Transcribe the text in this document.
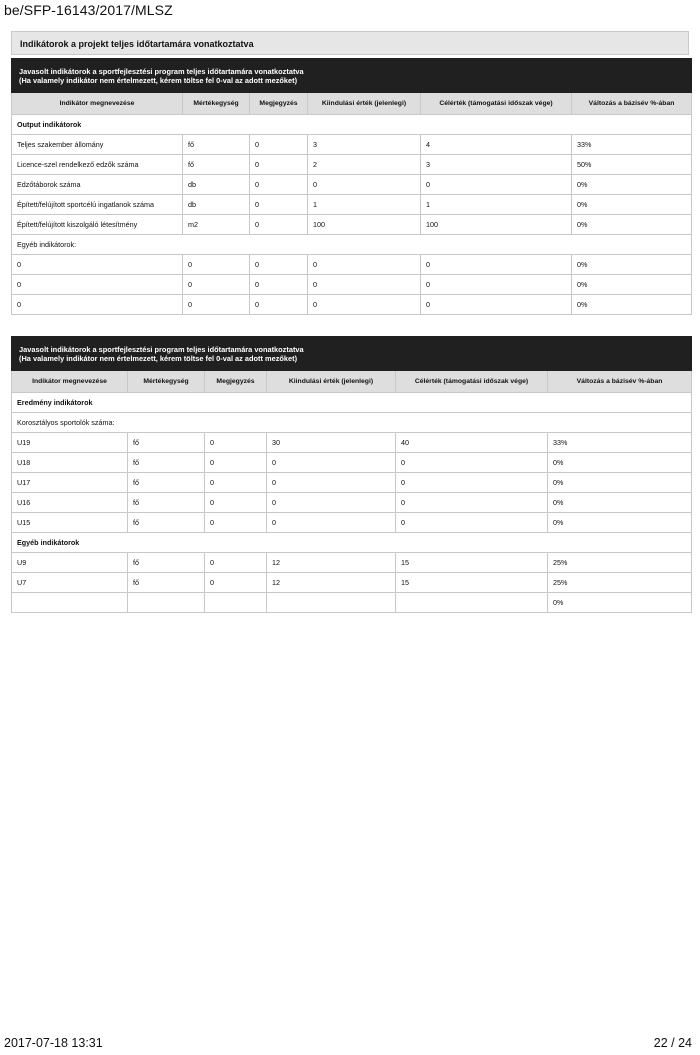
be/SFP-16143/2017/MLSZ
Indikátorok a projekt teljes időtartamára vonatkoztatva
Javasolt indikátorok a sportfejlesztési program teljes időtartamára vonatkoztatva
(Ha valamely indikátor nem értelmezett, kérem töltse fel 0-val az adott mezőket)					

Indikátor megnevezése	Mértékegység	Megjegyzés	Kiindulási érték (jelenlegi)	Célérték (támogatási időszak vége)	Változás a bázisév %-ában
Output indikátorok					
Teljes szakember állomány	fő	0	3	4	33%
Licence-szel rendelkező edzők száma	fő	0	2	3	50%
Edzőtáborok száma	db	0	0	0	0%
Épített/felújított sportcélú ingatlanok száma	db	0	1	1	0%
Épített/felújított kiszolgáló létesítmény	m2	0	100	100	0%
Egyéb indikátorok:					
0	0	0	0	0	0%
0	0	0	0	0	0%
0	0	0	0	0	0%
Javasolt indikátorok a sportfejlesztési program teljes időtartamára vonatkoztatva
(Ha valamely indikátor nem értelmezett, kérem töltse fel 0-val az adott mezőket)					

Indikátor megnevezése	Mértékegység	Megjegyzés	Kiindulási érték (jelenlegi)	Célérték (támogatási időszak vége)	Változás a bázisév %-ában
Eredmény indikátorok					
Korosztályos sportolók száma:					
U19	fő	0	30	40	33%
U18	fő	0	0	0	0%
U17	fő	0	0	0	0%
U16	fő	0	0	0	0%
U15	fő	0	0	0	0%
Egyéb indikátorok					
U9	fő	0	12	15	25%
U7	fő	0	12	15	25%
					0%
2017-07-18 13:31	22 / 24
